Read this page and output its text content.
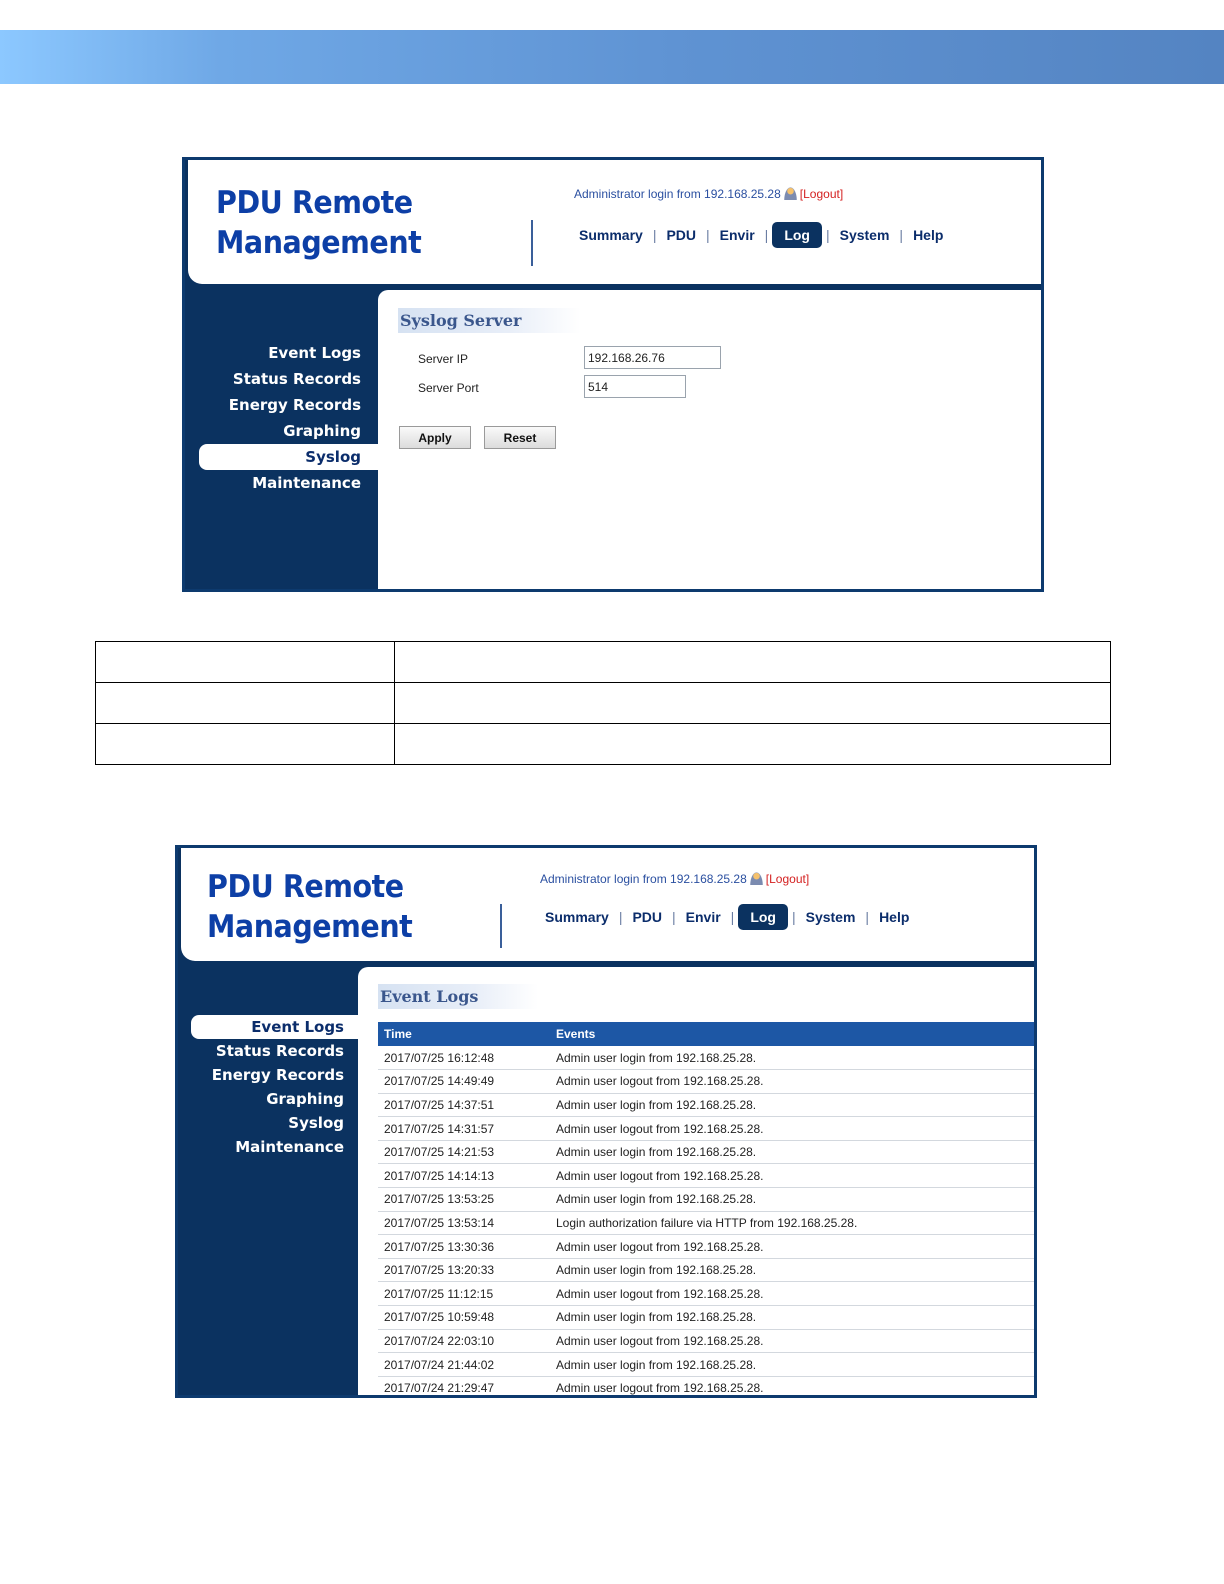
PDU Remote
Management
Administrator login from 192.168.25.28 [Logout]
Summary | PDU | Envir |	Log	| System | Help
Event Logs
Status Records
Energy Records
Graphing
Syslog
Maintenance
Syslog Server
Server IP
192.168.26.76
Server Port
514
Apply	Reset

PDU Remote
Management
Administrator login from 192.168.25.28 [Logout]
Summary | PDU | Envir |	Log	| System | Help
Event Logs
Status Records
Energy Records
Graphing
Syslog
Maintenance
Event Logs
Time	Events
2017/07/25 16:12:48	Admin user login from 192.168.25.28.
2017/07/25 14:49:49	Admin user logout from 192.168.25.28.
2017/07/25 14:37:51	Admin user login from 192.168.25.28.
2017/07/25 14:31:57	Admin user logout from 192.168.25.28.
2017/07/25 14:21:53	Admin user login from 192.168.25.28.
2017/07/25 14:14:13	Admin user logout from 192.168.25.28.
2017/07/25 13:53:25	Admin user login from 192.168.25.28.
2017/07/25 13:53:14	Login authorization failure via HTTP from 192.168.25.28.
2017/07/25 13:30:36	Admin user logout from 192.168.25.28.
2017/07/25 13:20:33	Admin user login from 192.168.25.28.
2017/07/25 11:12:15	Admin user logout from 192.168.25.28.
2017/07/25 10:59:48	Admin user login from 192.168.25.28.
2017/07/24 22:03:10	Admin user logout from 192.168.25.28.
2017/07/24 21:44:02	Admin user login from 192.168.25.28.
2017/07/24 21:29:47	Admin user logout from 192.168.25.28.
